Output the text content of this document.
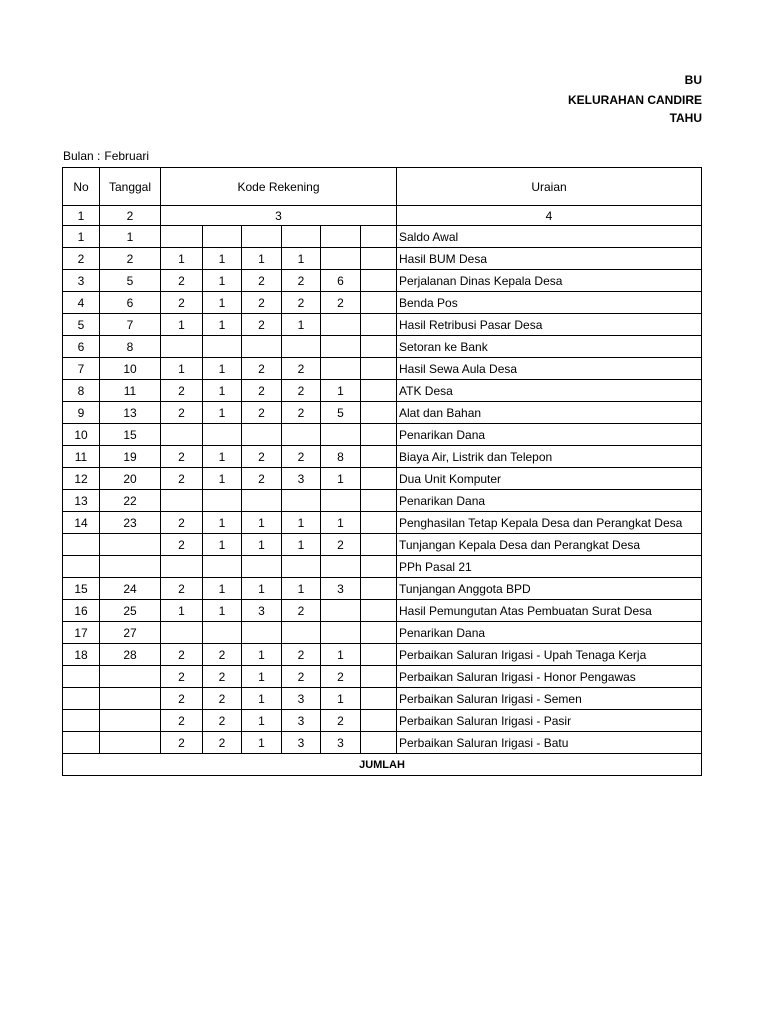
BU
KELURAHAN CANDIRE
TAHU
Bulan : Februari
No	Tanggal	Kode Rekening						Uraian
1	2	3						4
1	1							Saldo Awal
2	2	1	1	1	1			Hasil BUM Desa
3	5	2	1	2	2	6		Perjalanan Dinas Kepala Desa
4	6	2	1	2	2	2		Benda Pos
5	7	1	1	2	1			Hasil Retribusi Pasar Desa
6	8							Setoran ke Bank
7	10	1	1	2	2			Hasil Sewa Aula Desa
8	11	2	1	2	2	1		ATK Desa
9	13	2	1	2	2	5		Alat dan Bahan
10	15							Penarikan Dana
11	19	2	1	2	2	8		Biaya Air, Listrik dan Telepon
12	20	2	1	2	3	1		Dua Unit Komputer
13	22							Penarikan Dana
14	23	2	1	1	1	1		Penghasilan Tetap Kepala Desa dan Perangkat Desa
		2	1	1	1	2		Tunjangan Kepala Desa dan Perangkat Desa
								PPh Pasal 21
15	24	2	1	1	1	3		Tunjangan Anggota BPD
16	25	1	1	3	2			Hasil Pemungutan Atas Pembuatan Surat Desa
17	27							Penarikan Dana
18	28	2	2	1	2	1		Perbaikan Saluran Irigasi - Upah Tenaga Kerja
		2	2	1	2	2		Perbaikan Saluran Irigasi - Honor Pengawas
		2	2	1	3	1		Perbaikan Saluran Irigasi - Semen
		2	2	1	3	2		Perbaikan Saluran Irigasi - Pasir
		2	2	1	3	3		Perbaikan Saluran Irigasi - Batu
JUMLAH								
